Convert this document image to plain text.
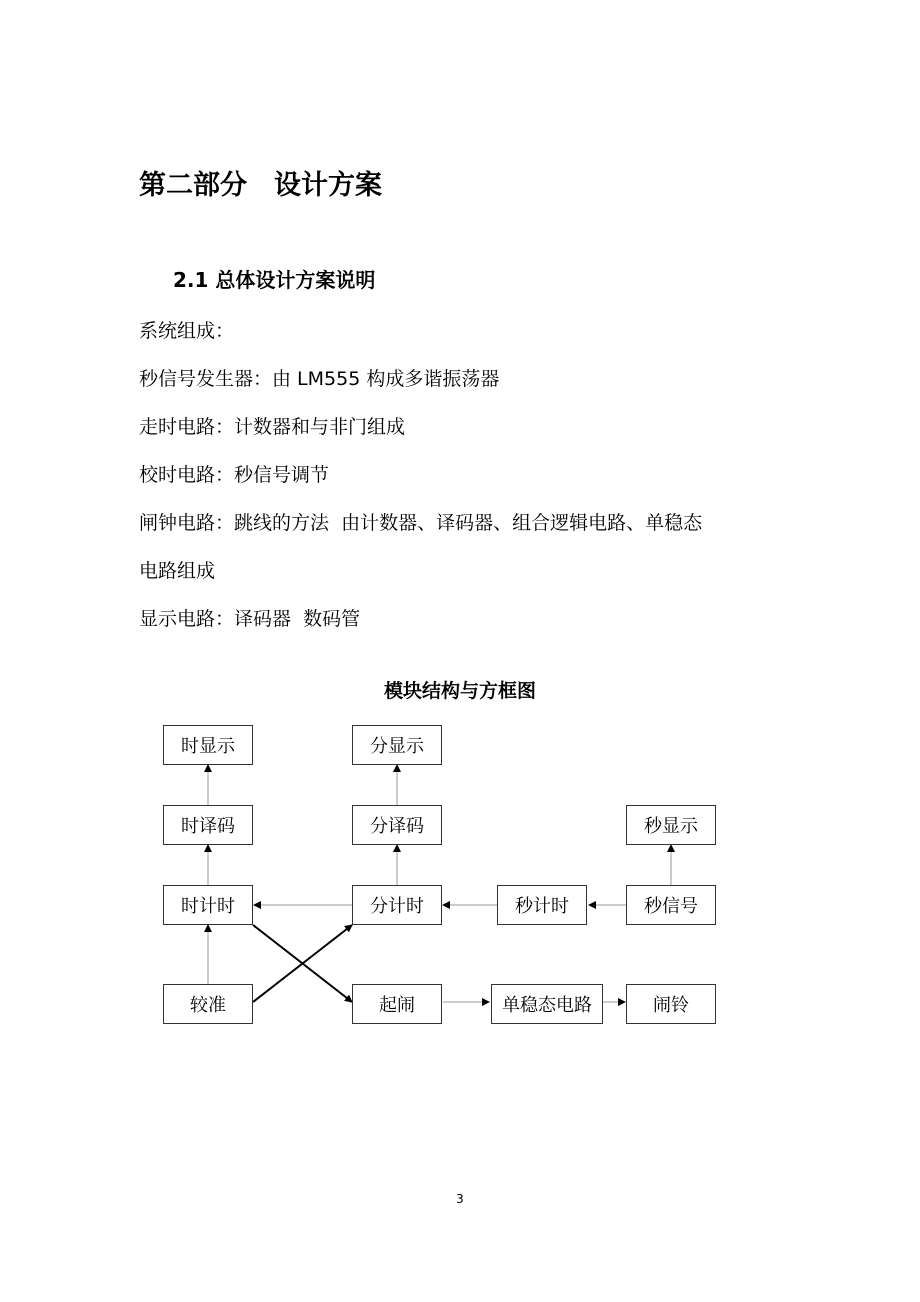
第二部分　设计方案
2.1 总体设计方案说明
系统组成：
秒信号发生器：由 LM555 构成多谐振荡器
走时电路：计数器和与非门组成
校时电路：秒信号调节
闸钟电路：跳线的方法  由计数器、译码器、组合逻辑电路、单稳态
电路组成
显示电路：译码器  数码管
模块结构与方框图
时显示	分显示
时译码	分译码	秒显示
时计时	分计时	秒计时	秒信号
较准	起闹	单稳态电路	闹铃
3
